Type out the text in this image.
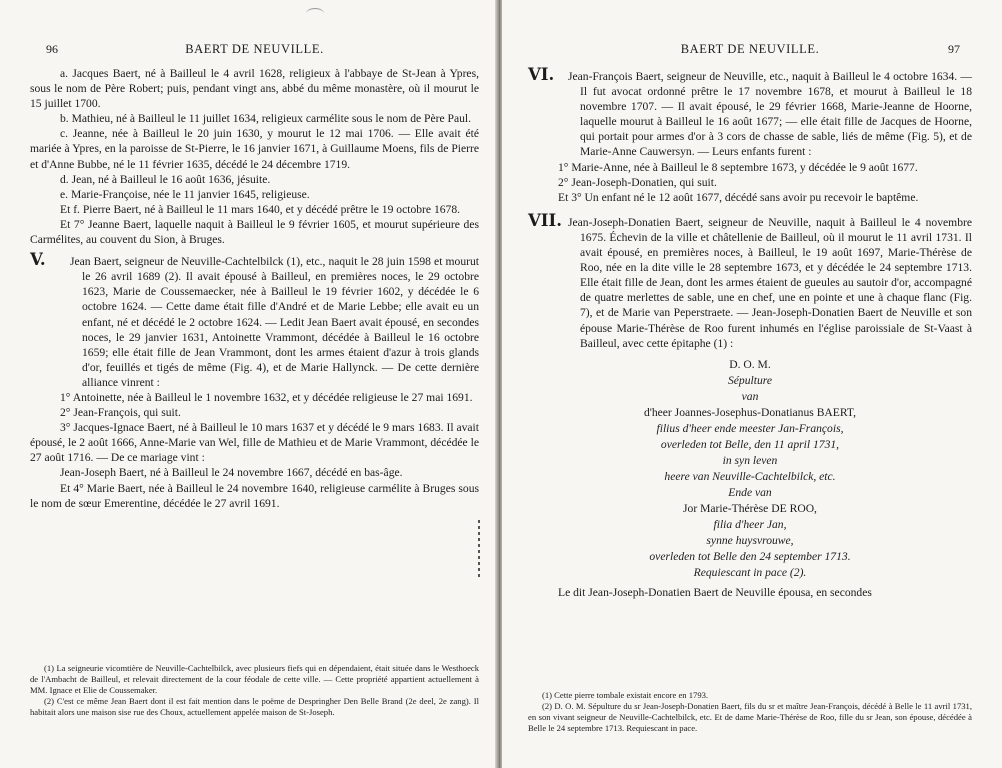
96	BAERT DE NEUVILLE.

a. Jacques Baert, né à Bailleul le 4 avril 1628, religieux à l'abbaye de St-Jean à Ypres, sous le nom de Père Robert; puis, pendant vingt ans, abbé du même monastère, où il mourut le 15 juillet 1700.

b. Mathieu, né à Bailleul le 11 juillet 1634, religieux carmélite sous le nom de Père Paul.

c. Jeanne, née à Bailleul le 20 juin 1630, y mourut le 12 mai 1706. — Elle avait été mariée à Ypres, en la paroisse de St-Pierre, le 16 janvier 1671, à Guillaume Moens, fils de Pierre et d'Anne Bubbe, né le 11 février 1635, décédé le 24 décembre 1719.

d. Jean, né à Bailleul le 16 août 1636, jésuite.

e. Marie-Françoise, née le 11 janvier 1645, religieuse.

Et f. Pierre Baert, né à Bailleul le 11 mars 1640, et y décédé prêtre le 19 octobre 1678.

Et 7° Jeanne Baert, laquelle naquit à Bailleul le 9 février 1605, et mourut supérieure des Carmélites, au couvent du Sion, à Bruges.

V. Jean Baert, seigneur de Neuville-Cachtelbilck (1), etc., naquit le 28 juin 1598 et mourut le 26 avril 1689 (2). Il avait épousé à Bailleul, en premières noces, le 29 octobre 1623, Marie de Coussemaecker, née à Bailleul le 19 février 1602, y décédée le 6 octobre 1624. — Cette dame était fille d'André et de Marie Lebbe; elle avait eu un enfant, né et décédé le 2 octobre 1624. — Ledit Jean Baert avait épousé, en secondes noces, le 29 janvier 1631, Antoinette Vrammont, décédée à Bailleul le 16 octobre 1659; elle était fille de Jean Vrammont, dont les armes étaient d'azur à trois glands d'or, feuillés et tigés de même (Fig. 4), et de Marie Hallynck. — De cette dernière alliance vinrent :

1° Antoinette, née à Bailleul le 1 novembre 1632, et y décédée religieuse le 27 mai 1691.

2° Jean-François, qui suit.

3° Jacques-Ignace Baert, né à Bailleul le 10 mars 1637 et y décédé le 9 mars 1683. Il avait épousé, le 2 août 1666, Anne-Marie van Wel, fille de Mathieu et de Marie Vrammont, décédée le 27 août 1716. — De ce mariage vint :

Jean-Joseph Baert, né à Bailleul le 24 novembre 1667, décédé en bas-âge.

Et 4° Marie Baert, née à Bailleul le 24 novembre 1640, religieuse carmélite à Bruges sous le nom de sœur Emerentine, décédée le 27 avril 1691.

(1) La seigneurie vicomtière de Neuville-Cachtelbilck, avec plusieurs fiefs qui en dépendaient, était située dans le Westhoeck de l'Ambacht de Bailleul, et relevait directement de la cour féodale de cette ville. — Cette propriété appartient actuellement à MM. Ignace et Elie de Coussemaker.

(2) C'est ce même Jean Baert dont il est fait mention dans le poëme de Despringher Den Belle Brand (2e deel, 2e zang). Il habitait alors une maison sise rue des Choux, actuellement appelée maison de St-Joseph.

BAERT DE NEUVILLE.	97

VI. Jean-François Baert, seigneur de Neuville, etc., naquit à Bailleul le 4 octobre 1634. — Il fut avocat ordonné prêtre le 17 novembre 1678, et mourut à Bailleul le 18 novembre 1707. — Il avait épousé, le 29 février 1668, Marie-Jeanne de Hoorne, laquelle mourut à Bailleul le 16 août 1677; — elle était fille de Jacques de Hoorne, qui portait pour armes d'or à 3 cors de chasse de sable, liés de même (Fig. 5), et de Marie-Anne Cauwersyn. — Leurs enfants furent :

1° Marie-Anne, née à Bailleul le 8 septembre 1673, y décédée le 9 août 1677.

2° Jean-Joseph-Donatien, qui suit.

Et 3° Un enfant né le 12 août 1677, décédé sans avoir pu recevoir le baptême.

VII. Jean-Joseph-Donatien Baert, seigneur de Neuville, naquit à Bailleul le 4 novembre 1675. Échevin de la ville et châtellenie de Bailleul, où il mourut le 11 avril 1731. Il avait épousé, en premières noces, à Bailleul, le 19 août 1697, Marie-Thérèse de Roo, née en la dite ville le 28 septembre 1673, et y décédée le 24 septembre 1713. Elle était fille de Jean, dont les armes étaient de gueules au sautoir d'or, accompagné de quatre merlettes de sable, une en chef, une en pointe et une à chaque flanc (Fig. 7), et de Marie van Peperstraete. — Jean-Joseph-Donatien Baert de Neuville et son épouse Marie-Thérèse de Roo furent inhumés en l'église paroissiale de St-Vaast à Bailleul, avec cette épitaphe (1) :

D. O. M.

Sépulture

van

d'heer Joannes-Josephus-Donatianus BAERT,

filius d'heer ende meester Jan-François,

overleden tot Belle, den 11 april 1731,

in syn leven

heere van Neuville-Cachtelbilck, etc.

Ende van

Jor Marie-Thérèse DE ROO,

filia d'heer Jan,

synne huysvrouwe,

overleden tot Belle den 24 september 1713.

Requiescant in pace (2).

Le dit Jean-Joseph-Donatien Baert de Neuville épousa, en secondes

(1) Cette pierre tombale existait encore en 1793.

(2) D. O. M. Sépulture du sr Jean-Joseph-Donatien Baert, fils du sr et maître Jean-François, décédé à Belle le 11 avril 1731, en son vivant seigneur de Neuville-Cachtelbilck, etc. Et de dame Marie-Thérèse de Roo, fille du sr Jean, son épouse, décédée à Belle le 24 septembre 1713. Requiescant in pace.
